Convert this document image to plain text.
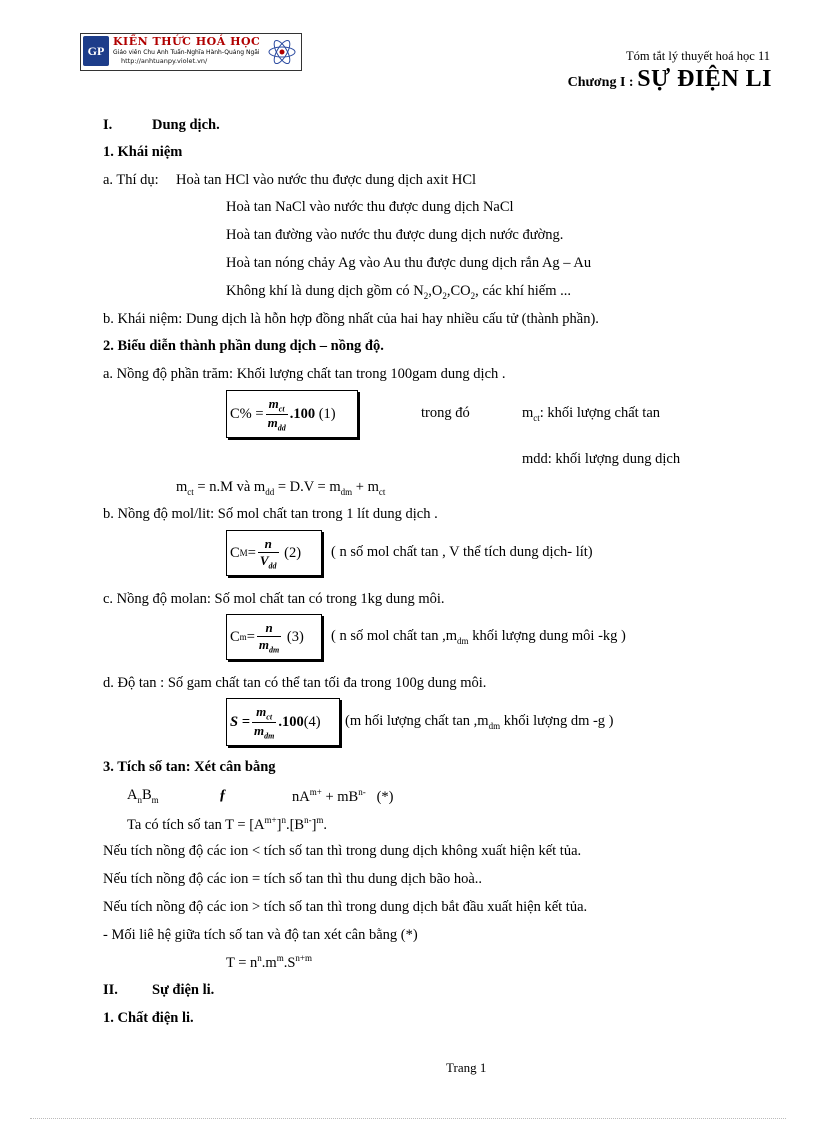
GP
KIẾN THỨC HOÁ HỌC
Giáo viên Chu Anh Tuấn-Nghĩa Hành-Quảng Ngãi
http://anhtuanpy.violet.vn/	Tóm tắt lý thuyết hoá học 11
Chương I : SỰ ĐIỆN LI
I.	Dung dịch.
1. Khái niệm
a. Thí dụ: Hoà tan HCl vào nước thu được dung dịch axit HCl
Hoà tan NaCl vào nước thu được dung dịch NaCl
Hoà tan đường vào nước thu được dung dịch nước đường.
Hoà tan nóng chảy Ag vào Au thu được dung dịch rắn Ag – Au
Không khí là dung dịch gồm có $N_2,O_2,CO_2$, các khí hiếm ...
b. Khái niệm: Dung dịch là hỗn hợp đồng nhất của hai hay nhiều cấu tử (thành phần).
2. Biểu diễn thành phần dung dịch – nồng độ.
a. Nồng độ phần trăm: Khối lượng chất tan trong 100gam dung dịch .
$C\% = \frac{m_{ct}}{m_{dd}} .100$
(1)	trong đó	$m_{ct}$: khối lượng chất tan
mdd: khối lượng dung dịch
$m_{ct} = n.M$ và $m_{dd} = D.V = m_{dm} + m_{ct}$
b. Nồng độ mol/lit: Số mol chất tan trong 1 lít dung dịch .
C $M = \frac{n}{V_{dd}}$
(2) ( n số mol chất tan , V thể tích dung dịch- lít)
c. Nồng độ molan: Số mol chất tan có trong 1kg dung môi.
C $m = \frac{n}{m_{dm}}$
(3) ( n số mol chất $\tan ,m_{dm}$ khối lượng dung môi -kg )
d. Độ tan : Số gam chất tan có thể tan tối đa trong 100g dung môi.
$S = \frac{m_{ct}}{m_{dm}} .100$ (4) (m hối lượng chất $\tan ,m_{dm}$ khối lượng dm -g )
3. Tích số tan: Xét cân bằng
$A_nB_m$	ƒ	$nA^{m+} + mB^{n-}$ (*)
Ta có tích số $\tan T = [A^{m+}]^n.[B^{n-}]^m$.
Nếu tích nồng độ các ion < tích số tan thì trong dung dịch không xuất hiện kết tủa.
Nếu tích nồng độ các ion = tích số tan thì thu dung dịch bão hoà..
Nếu tích nồng độ các ion > tích số tan thì trong dung dịch bắt đầu xuất hiện kết tủa.
- Mối liê hệ giữa tích số tan và độ tan xét cân bằng (*)
$T = n^n.m^m.S^{n+m}$
II. Sự điện li.
1. Chất điện li.
Trang 1
